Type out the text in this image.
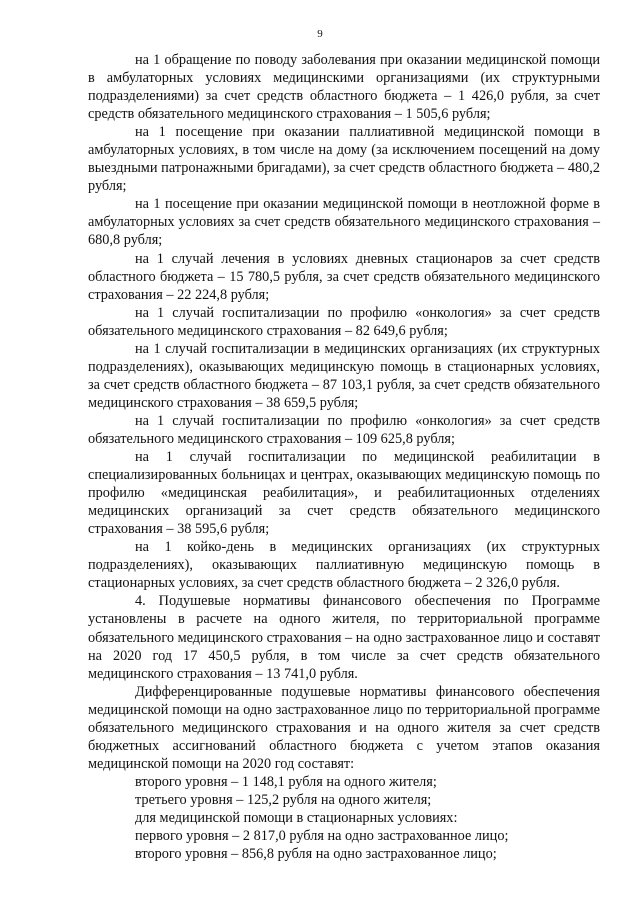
9

на 1 обращение по поводу заболевания при оказании медицинской помощи в амбулаторных условиях медицинскими организациями (их структурными подразделениями) за счет средств областного бюджета – 1 426,0 рубля, за счет средств обязательного медицинского страхования – 1 505,6 рубля;

на 1 посещение при оказании паллиативной медицинской помощи в амбулаторных условиях, в том числе на дому (за исключением посещений на дому выездными патронажными бригадами), за счет средств областного бюджета – 480,2 рубля;

на 1 посещение при оказании медицинской помощи в неотложной форме в амбулаторных условиях за счет средств обязательного медицинского страхования – 680,8 рубля;

на 1 случай лечения в условиях дневных стационаров за счет средств областного бюджета – 15 780,5 рубля, за счет средств обязательного медицинского страхования – 22 224,8 рубля;

на 1 случай госпитализации по профилю «онкология» за счет средств обязательного медицинского страхования – 82 649,6 рубля;

на 1 случай госпитализации в медицинских организациях (их структурных подразделениях), оказывающих медицинскую помощь в стационарных условиях, за счет средств областного бюджета – 87 103,1 рубля, за счет средств обязательного медицинского страхования – 38 659,5 рубля;

на 1 случай госпитализации по профилю «онкология» за счет средств обязательного медицинского страхования – 109 625,8 рубля;

на 1 случай госпитализации по медицинской реабилитации в специализированных больницах и центрах, оказывающих медицинскую помощь по профилю «медицинская реабилитация», и реабилитационных отделениях медицинских организаций за счет средств обязательного медицинского страхования – 38 595,6 рубля;

на 1 койко-день в медицинских организациях (их структурных подразделениях), оказывающих паллиативную медицинскую помощь в стационарных условиях, за счет средств областного бюджета – 2 326,0 рубля.

4. Подушевые нормативы финансового обеспечения по Программе установлены в расчете на одного жителя, по территориальной программе обязательного медицинского страхования – на одно застрахованное лицо и составят на 2020 год 17 450,5 рубля, в том числе за счет средств обязательного медицинского страхования – 13 741,0 рубля.

Дифференцированные подушевые нормативы финансового обеспечения медицинской помощи на одно застрахованное лицо по территориальной программе обязательного медицинского страхования и на одного жителя за счет средств бюджетных ассигнований областного бюджета с учетом этапов оказания медицинской помощи на 2020 год составят:

второго уровня – 1 148,1 рубля на одного жителя;

третьего уровня – 125,2 рубля на одного жителя;

для медицинской помощи в стационарных условиях:

первого уровня – 2 817,0 рубля на одно застрахованное лицо;

второго уровня – 856,8 рубля на одно застрахованное лицо;
